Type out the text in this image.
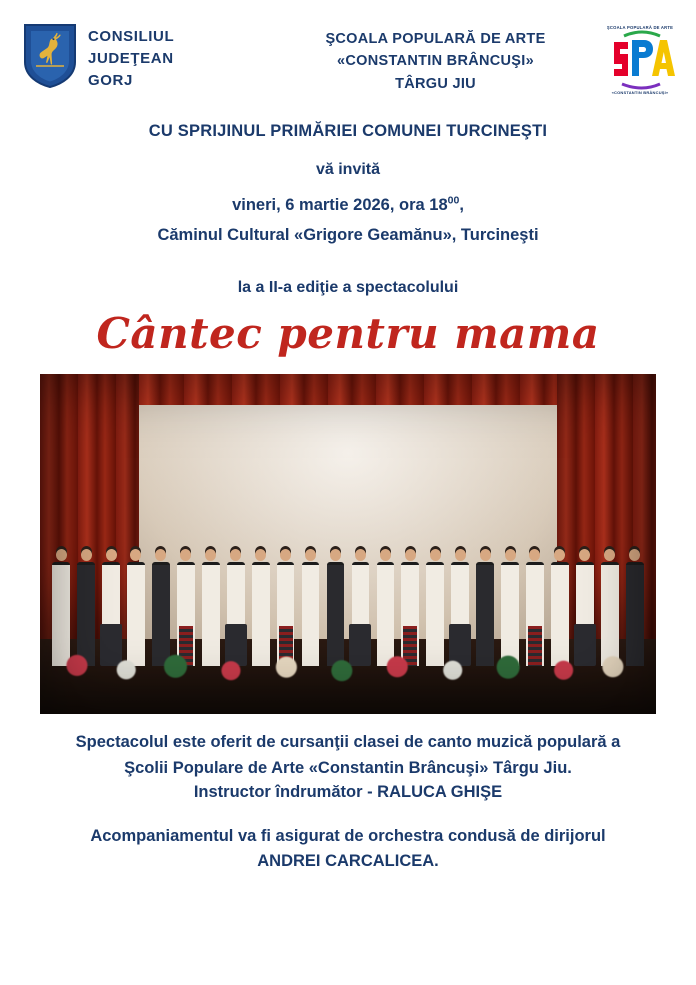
CONSILIUL
JUDEŢEAN
GORJ
ŞCOALA POPULARĂ DE ARTE
«CONSTANTIN BRÂNCUŞI»
TÂRGU JIU
ŞCOALA POPULARĂ DE ARTE
«CONSTANTIN BRÂNCUŞI»
CU SPRIJINUL PRIMĂRIEI COMUNEI TURCINEŞTI
vă invită
vineri, 6 martie 2026, ora $18^{00}$,
Căminul Cultural «Grigore Geamănu», Turcineşti
la a II-a ediţie a spectacolului
Cântec pentru mama
Spectacolul este oferit de cursanţii clasei de canto muzică populară a
Şcolii Populare de Arte «Constantin Brâncuşi» Târgu Jiu.
Instructor îndrumător - RALUCA GHIŞE
Acompaniamentul va fi asigurat de orchestra condusă de dirijorul
ANDREI CARCALICEA.
